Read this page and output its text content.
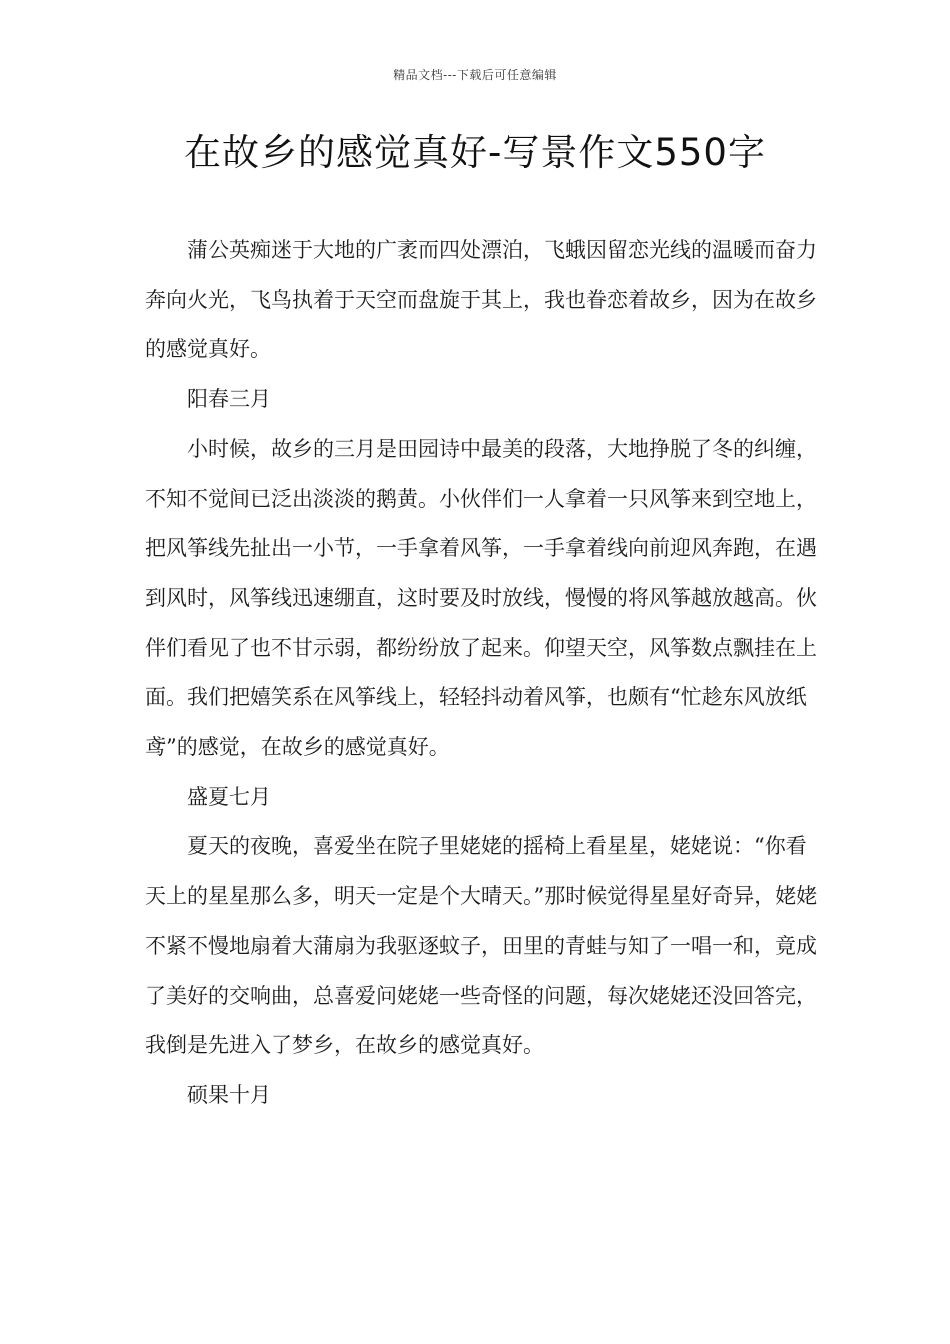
精品文档---下载后可任意编辑
在故乡的感觉真好-写景作文550字

蒲公英痴迷于大地的广袤而四处漂泊，飞蛾因留恋光线的温暖而奋力奔向火光，飞鸟执着于天空而盘旋于其上，我也眷恋着故乡，因为在故乡的感觉真好。

阳春三月

小时候，故乡的三月是田园诗中最美的段落，大地挣脱了冬的纠缠，不知不觉间已泛出淡淡的鹅黄。小伙伴们一人拿着一只风筝来到空地上，把风筝线先扯出一小节，一手拿着风筝，一手拿着线向前迎风奔跑，在遇到风时，风筝线迅速绷直，这时要及时放线，慢慢的将风筝越放越高。伙伴们看见了也不甘示弱，都纷纷放了起来。仰望天空，风筝数点飘挂在上面。我们把嬉笑系在风筝线上，轻轻抖动着风筝，也颇有“忙趁东风放纸鸢”的感觉，在故乡的感觉真好。

盛夏七月

夏天的夜晚，喜爱坐在院子里姥姥的摇椅上看星星，姥姥说：“你看天上的星星那么多，明天一定是个大晴天。”那时候觉得星星好奇异，姥姥不紧不慢地扇着大蒲扇为我驱逐蚊子，田里的青蛙与知了一唱一和，竟成了美好的交响曲，总喜爱问姥姥一些奇怪的问题，每次姥姥还没回答完，我倒是先进入了梦乡，在故乡的感觉真好。

硕果十月
